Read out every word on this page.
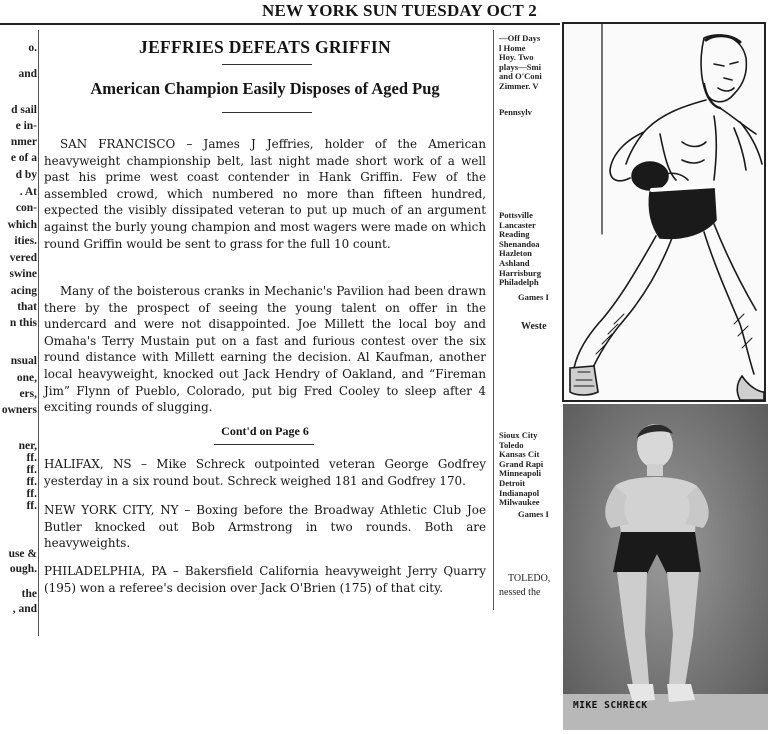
NEW YORK SUN TUESDAY OCT 2
o.
and
d sail
e in-
nmer
e of a
d by
. At
con-
which
ities.
vered
swine
acing
that
n this
nsual
one,
ers,
owners
ner,
ff.
ff.
ff.
ff.
ff.
use &
ough.
the
, and
JEFFRIES DEFEATS GRIFFIN
American Champion Easily Disposes of Aged Pug
SAN FRANCISCO – James J Jeffries, holder of the American heavyweight championship belt, last night made short work of a well past his prime west coast contender in Hank Griffin. Few of the assembled crowd, which numbered no more than fifteen hundred, expected the visibly dissipated veteran to put up much of an argument against the burly young champion and most wagers were made on which round Griffin would be sent to grass for the full 10 count.
Many of the boisterous cranks in Mechanic's Pavilion had been drawn there by the prospect of seeing the young talent on offer in the undercard and were not disappointed. Joe Millett the local boy and Omaha's Terry Mustain put on a fast and furious contest over the six round distance with Millett earning the decision. Al Kaufman, another local heavyweight, knocked out Jack Hendry of Oakland, and “Fireman Jim” Flynn of Pueblo, Colorado, put big Fred Cooley to sleep after 4 exciting rounds of slugging.
Cont'd on Page 6
HALIFAX, NS – Mike Schreck outpointed veteran George Godfrey yesterday in a six round bout. Schreck weighed 181 and Godfrey 170.
NEW YORK CITY, NY – Boxing before the Broadway Athletic Club Joe Butler knocked out Bob Armstrong in two rounds. Both are heavyweights.
PHILADELPHIA, PA – Bakersfield California heavyweight Jerry Quarry (195) won a referee's decision over Jack O'Brien (175) of that city.
—Off Days
l Home
Hoy. Two
plays—Smi
and O'Coni
Zimmer. V
Pennsylv
Pottsville
Lancaster
Reading
Shenandoa
Hazleton
Ashland
Harrisburg
Philadelph
Games I
Weste
Sioux City
Toledo
Kansas Cit
Grand Rapi
Minneapoli
Detroit
Indianapol
Milwaukee
Games I
TOLEDO,
nessed the
MIKE SCHRECK
